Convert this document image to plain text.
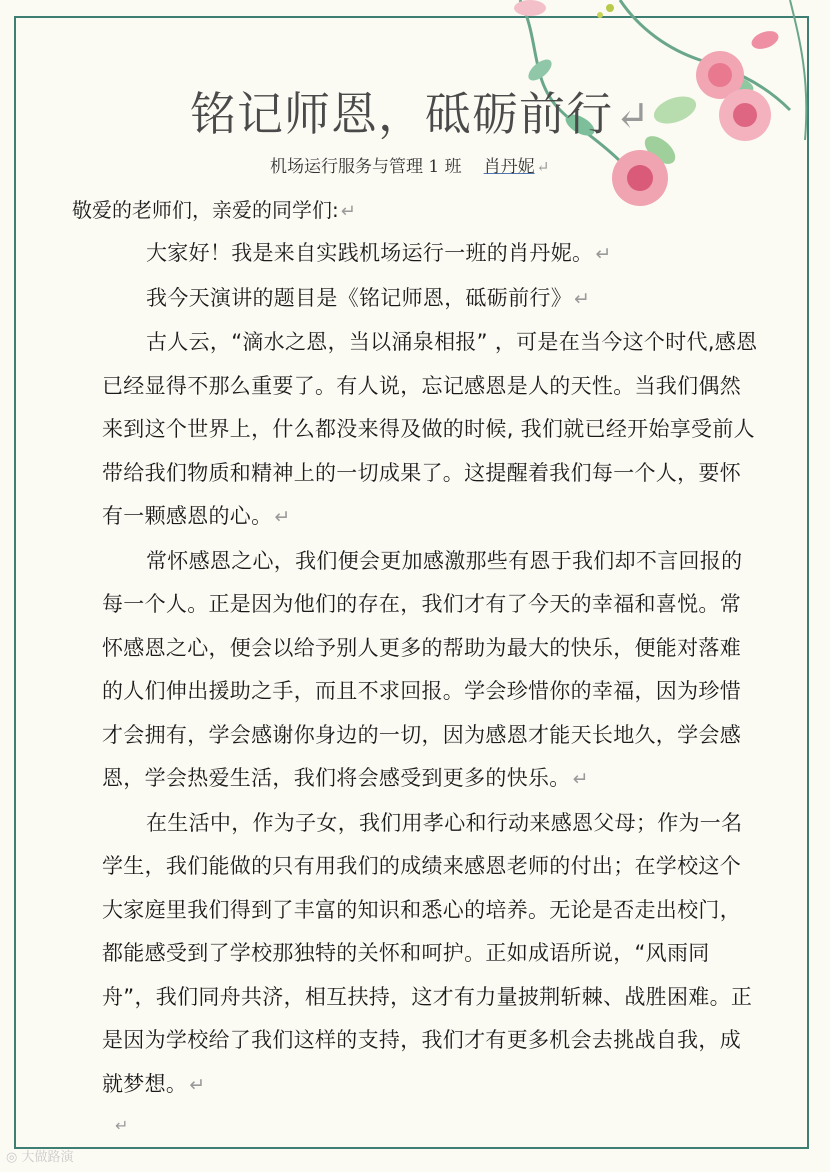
铭记师恩，砥砺前行↵
机场运行服务与管理 1 班 肖丹妮 ↵
敬爱的老师们，亲爱的同学们: ↵

大家好！我是来自实践机场运行一班的肖丹妮。 ↵

我今天演讲的题目是《铭记师恩，砥砺前行》 ↵

古人云，“滴水之恩，当以涌泉相报” ，可是在当今这个时代,感恩已经显得不那么重要了。有人说，忘记感恩是人的天性。当我们偶然来到这个世界上，什么都没来得及做的时候, 我们就已经开始享受前人带给我们物质和精神上的一切成果了。这提醒着我们每一个人，要怀有一颗感恩的心。 ↵

常怀感恩之心，我们便会更加感激那些有恩于我们却不言回报的每一个人。正是因为他们的存在，我们才有了今天的幸福和喜悦。常怀感恩之心，便会以给予别人更多的帮助为最大的快乐，便能对落难的人们伸出援助之手，而且不求回报。学会珍惜你的幸福，因为珍惜才会拥有，学会感谢你身边的一切，因为感恩才能天长地久，学会感恩，学会热爱生活，我们将会感受到更多的快乐。 ↵

在生活中，作为子女，我们用孝心和行动来感恩父母；作为一名学生，我们能做的只有用我们的成绩来感恩老师的付出；在学校这个大家庭里我们得到了丰富的知识和悉心的培养。无论是否走出校门，都能感受到了学校那独特的关怀和呵护。正如成语所说，“风雨同舟”，我们同舟共济，相互扶持，这才有力量披荆斩棘、战胜困难。正是因为学校给了我们这样的支持，我们才有更多机会去挑战自我，成就梦想。 ↵

↵
◎ 大做路演
